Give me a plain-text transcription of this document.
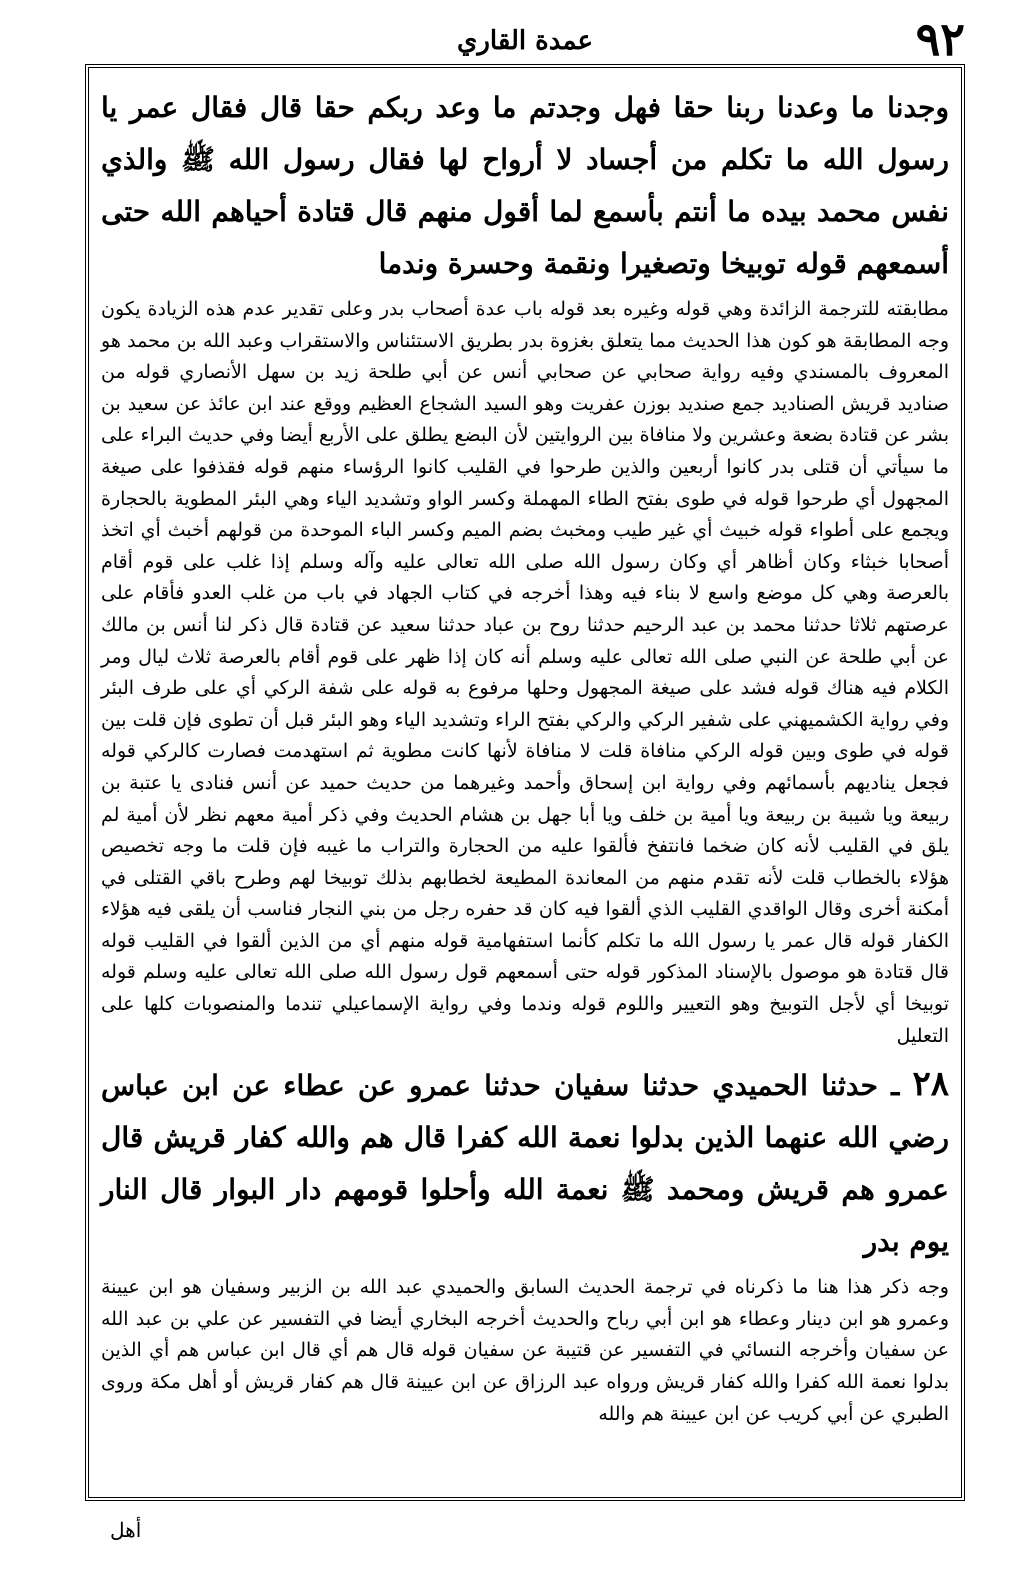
٩٢
عمدة القاري

وجدنا ما وعدنا ربنا حقا فهل وجدتم ما وعد ربكم حقا قال فقال عمر يا رسول الله ما تكلم من أجساد لا أرواح لها فقال رسول الله ﷺ والذي نفس محمد بيده ما أنتم بأسمع لما أقول منهم قال قتادة أحياهم الله حتى أسمعهم قوله توبيخا وتصغيرا ونقمة وحسرة وندما

مطابقته للترجمة الزائدة وهي قوله وغيره بعد قوله باب عدة أصحاب بدر وعلى تقدير عدم هذه الزيادة يكون وجه المطابقة هو كون هذا الحديث مما يتعلق بغزوة بدر بطريق الاستئناس والاستقراب وعبد الله بن محمد هو المعروف بالمسندي وفيه رواية صحابي عن صحابي أنس عن أبي طلحة زيد بن سهل الأنصاري قوله من صناديد قريش الصناديد جمع صنديد بوزن عفريت وهو السيد الشجاع العظيم ووقع عند ابن عائذ عن سعيد بن بشر عن قتادة بضعة وعشرين ولا منافاة بين الروايتين لأن البضع يطلق على الأربع أيضا وفي حديث البراء على ما سيأتي أن قتلى بدر كانوا أربعين والذين طرحوا في القليب كانوا الرؤساء منهم قوله فقذفوا على صيغة المجهول أي طرحوا قوله في طوى بفتح الطاء المهملة وكسر الواو وتشديد الياء وهي البئر المطوية بالحجارة ويجمع على أطواء قوله خبيث أي غير طيب ومخبث بضم الميم وكسر الباء الموحدة من قولهم أخبث أي اتخذ أصحابا خبثاء وكان أظاهر أي وكان رسول الله صلى الله تعالى عليه وآله وسلم إذا غلب على قوم أقام بالعرصة وهي كل موضع واسع لا بناء فيه وهذا أخرجه في كتاب الجهاد في باب من غلب العدو فأقام على عرصتهم ثلاثا حدثنا محمد بن عبد الرحيم حدثنا روح بن عباد حدثنا سعيد عن قتادة قال ذكر لنا أنس بن مالك عن أبي طلحة عن النبي صلى الله تعالى عليه وسلم أنه كان إذا ظهر على قوم أقام بالعرصة ثلاث ليال ومر الكلام فيه هناك قوله فشد على صيغة المجهول وحلها مرفوع به قوله على شفة الركي أي على طرف البئر وفي رواية الكشميهني على شفير الركي والركي بفتح الراء وتشديد الياء وهو البئر قبل أن تطوى فإن قلت بين قوله في طوى وبين قوله الركي منافاة قلت لا منافاة لأنها كانت مطوية ثم استهدمت فصارت كالركي قوله فجعل يناديهم بأسمائهم وفي رواية ابن إسحاق وأحمد وغيرهما من حديث حميد عن أنس فنادى يا عتبة بن ربيعة ويا شيبة بن ربيعة ويا أمية بن خلف ويا أبا جهل بن هشام الحديث وفي ذكر أمية معهم نظر لأن أمية لم يلق في القليب لأنه كان ضخما فانتفخ فألقوا عليه من الحجارة والتراب ما غيبه فإن قلت ما وجه تخصيص هؤلاء بالخطاب قلت لأنه تقدم منهم من المعاندة المطيعة لخطابهم بذلك توبيخا لهم وطرح باقي القتلى في أمكنة أخرى وقال الواقدي القليب الذي ألقوا فيه كان قد حفره رجل من بني النجار فناسب أن يلقى فيه هؤلاء الكفار قوله قال عمر يا رسول الله ما تكلم كأنما استفهامية قوله منهم أي من الذين ألقوا في القليب قوله قال قتادة هو موصول بالإسناد المذكور قوله حتى أسمعهم قول رسول الله صلى الله تعالى عليه وسلم قوله توبيخا أي لأجل التوبيخ وهو التعيير واللوم قوله وندما وفي رواية الإسماعيلي تندما والمنصوبات كلها على التعليل

٢٨ ـ حدثنا الحميدي حدثنا سفيان حدثنا عمرو عن عطاء عن ابن عباس رضي الله عنهما الذين بدلوا نعمة الله كفرا قال هم والله كفار قريش قال عمرو هم قريش ومحمد ﷺ نعمة الله وأحلوا قومهم دار البوار قال النار يوم بدر

وجه ذكر هذا هنا ما ذكرناه في ترجمة الحديث السابق والحميدي عبد الله بن الزبير وسفيان هو ابن عيينة وعمرو هو ابن دينار وعطاء هو ابن أبي رباح والحديث أخرجه البخاري أيضا في التفسير عن علي بن عبد الله عن سفيان وأخرجه النسائي في التفسير عن قتيبة عن سفيان قوله قال هم أي قال ابن عباس هم أي الذين بدلوا نعمة الله كفرا والله كفار قريش ورواه عبد الرزاق عن ابن عيينة قال هم كفار قريش أو أهل مكة وروى الطبري عن أبي كريب عن ابن عيينة هم والله

أهل
